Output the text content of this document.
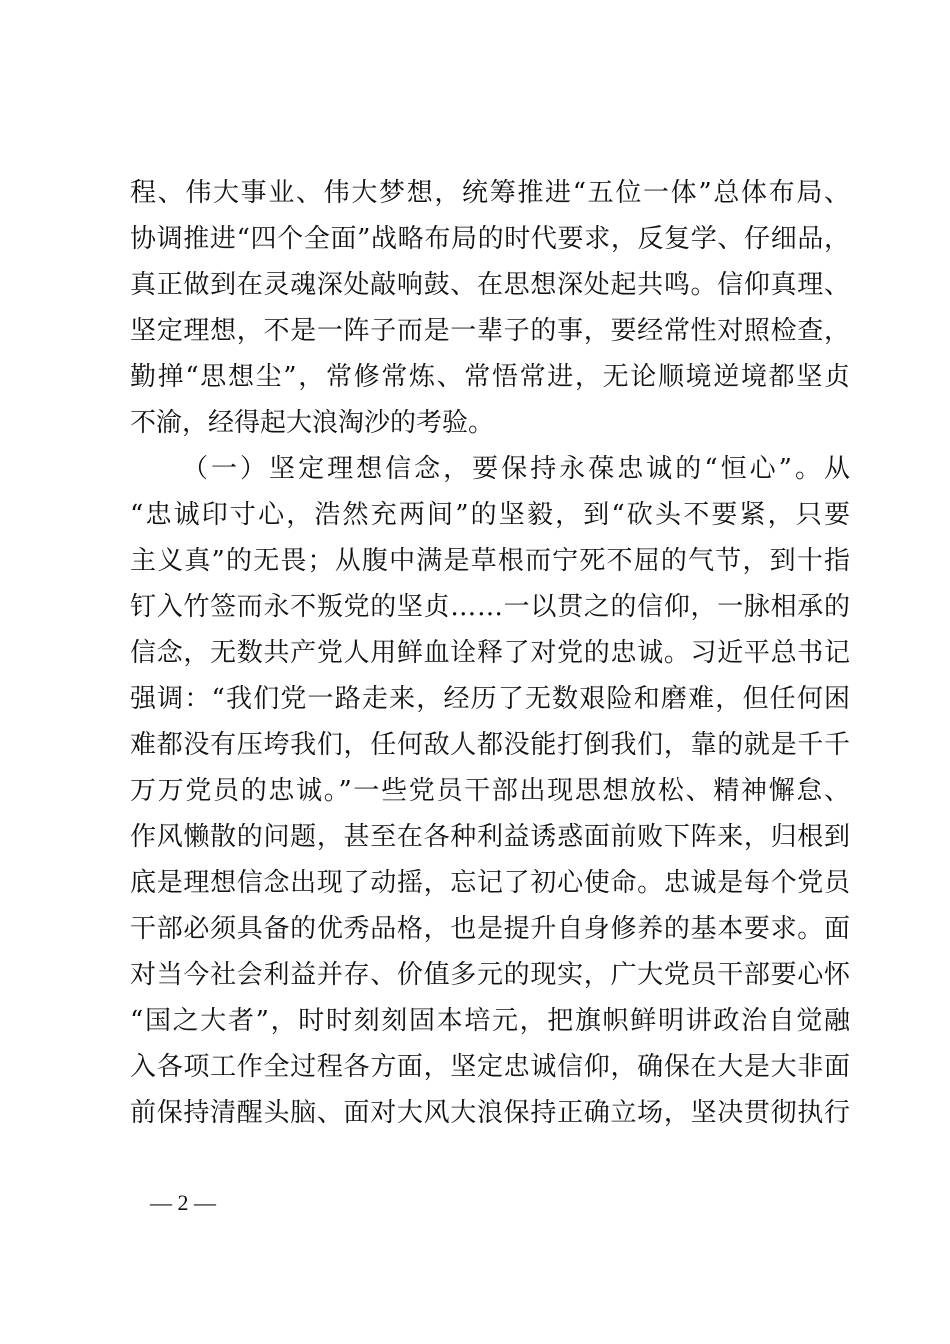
程、伟大事业、伟大梦想，统筹推进“五位一体”总体布局、
协调推进“四个全面”战略布局的时代要求，反复学、仔细品，
真正做到在灵魂深处敲响鼓、在思想深处起共鸣。信仰真理、
坚定理想，不是一阵子而是一辈子的事，要经常性对照检查，
勤掸“思想尘”，常修常炼、常悟常进，无论顺境逆境都坚贞
不渝，经得起大浪淘沙的考验。
（一）坚定理想信念，要保持永葆忠诚的“恒心”。从
“忠诚印寸心，浩然充两间”的坚毅，到“砍头不要紧，只要
主义真”的无畏；从腹中满是草根而宁死不屈的气节，到十指
钉入竹签而永不叛党的坚贞……一以贯之的信仰，一脉相承的
信念，无数共产党人用鲜血诠释了对党的忠诚。习近平总书记
强调：“我们党一路走来，经历了无数艰险和磨难，但任何困
难都没有压垮我们，任何敌人都没能打倒我们，靠的就是千千
万万党员的忠诚。”一些党员干部出现思想放松、精神懈怠、
作风懒散的问题，甚至在各种利益诱惑面前败下阵来，归根到
底是理想信念出现了动摇，忘记了初心使命。忠诚是每个党员
干部必须具备的优秀品格，也是提升自身修养的基本要求。面
对当今社会利益并存、价值多元的现实，广大党员干部要心怀
“国之大者”，时时刻刻固本培元，把旗帜鲜明讲政治自觉融
入各项工作全过程各方面，坚定忠诚信仰，确保在大是大非面
前保持清醒头脑、面对大风大浪保持正确立场，坚决贯彻执行
— 2 —
